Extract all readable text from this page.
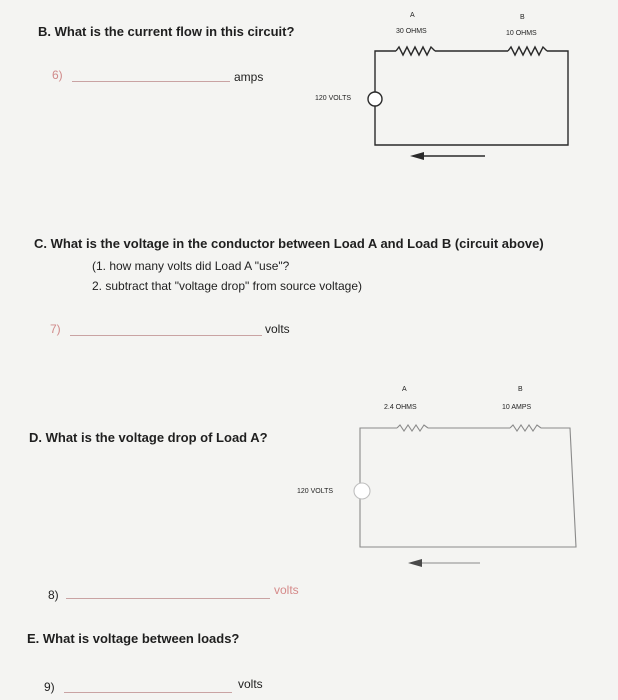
B. What is the current flow in this circuit?
6)	amps
A
30 OHMS
B
10 OHMS
120 VOLTS
C. What is the voltage in the conductor between Load A and Load B (circuit above)
(1. how many volts did Load A "use"?
2. subtract that "voltage drop" from source voltage)
7)	volts
A
2.4 OHMS
B
10 AMPS
120 VOLTS
D. What is the voltage drop of Load A?
8)	volts
E. What is voltage between loads?
9)	volts
